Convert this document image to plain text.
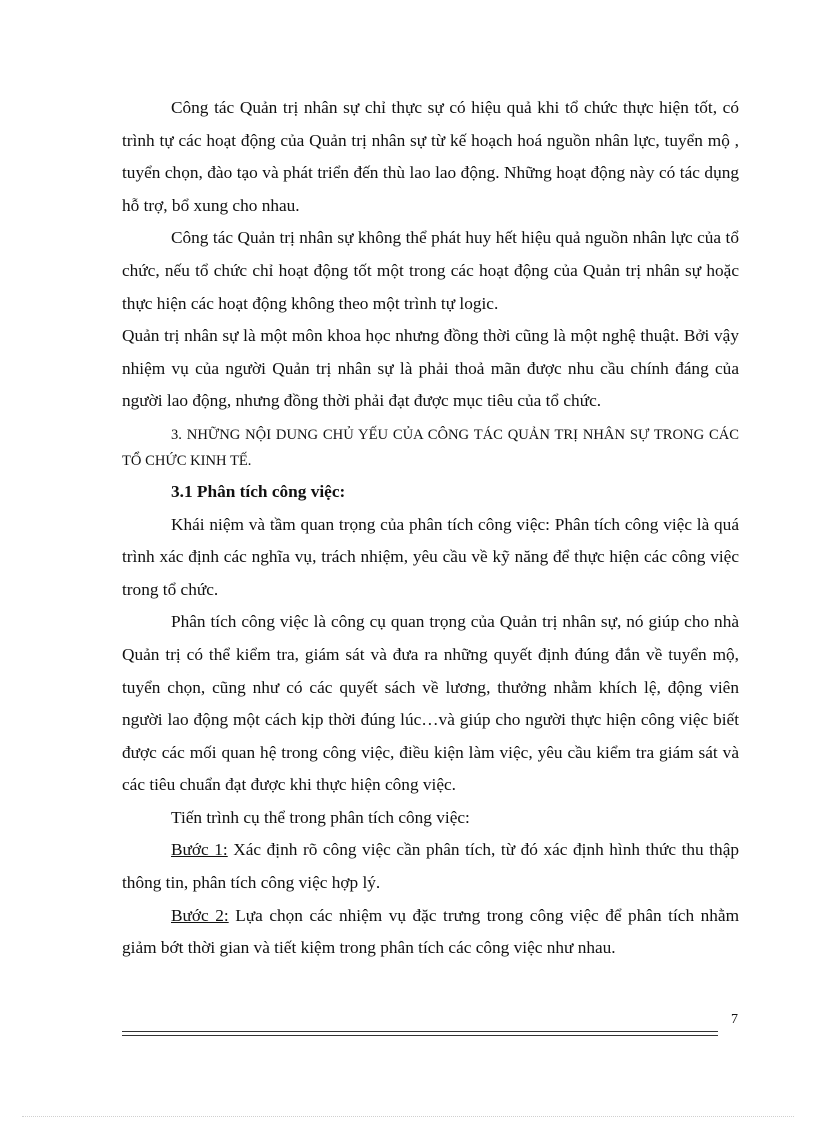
Công tác Quản trị nhân sự chỉ thực sự có hiệu quả khi tổ chức thực hiện tốt, có trình tự các hoạt động của Quản trị nhân sự từ kế hoạch hoá nguồn nhân lực, tuyển mộ , tuyển chọn, đào tạo và phát triển đến thù lao lao động. Những hoạt động này có tác dụng hỗ trợ, bổ xung cho nhau.

Công tác Quản trị nhân sự không thể phát huy hết hiệu quả nguồn nhân lực của tổ chức, nếu tổ chức chỉ hoạt động tốt một trong các hoạt động của Quản trị nhân sự hoặc thực hiện các hoạt động không theo một trình tự logic.

Quản trị nhân sự là một môn khoa học nhưng đồng thời cũng là một nghệ thuật. Bởi vậy nhiệm vụ của người Quản trị nhân sự là phải thoả mãn được nhu cầu chính đáng của người lao động, nhưng đồng thời phải đạt được mục tiêu của tổ chức.

3. NHỮNG NỘI DUNG CHỦ YẾU CỦA CÔNG TÁC QUẢN TRỊ NHÂN SỰ TRONG CÁC TỔ CHỨC KINH TẾ.

3.1 Phân tích công việc:

Khái niệm và tầm quan trọng của phân tích công việc: Phân tích công việc là quá trình xác định các nghĩa vụ, trách nhiệm, yêu cầu về kỹ năng để thực hiện các công việc trong tổ chức.

Phân tích công việc là công cụ quan trọng của Quản trị nhân sự, nó giúp cho nhà Quản trị có thể kiểm tra, giám sát và đưa ra những quyết định đúng đắn về tuyển mộ, tuyển chọn, cũng như có các quyết sách về lương, thưởng nhằm khích lệ, động viên người lao động một cách kịp thời đúng lúc…và giúp cho người thực hiện công việc biết được các mối quan hệ trong công việc, điều kiện làm việc, yêu cầu kiểm tra giám sát và các tiêu chuẩn đạt được khi thực hiện công việc.

Tiến trình cụ thể trong phân tích công việc:

Bước 1: Xác định rõ công việc cần phân tích, từ đó xác định hình thức thu thập thông tin, phân tích công việc hợp lý.

Bước 2: Lựa chọn các nhiệm vụ đặc trưng trong công việc để phân tích nhằm giảm bớt thời gian và tiết kiệm trong phân tích các công việc như nhau.

7
